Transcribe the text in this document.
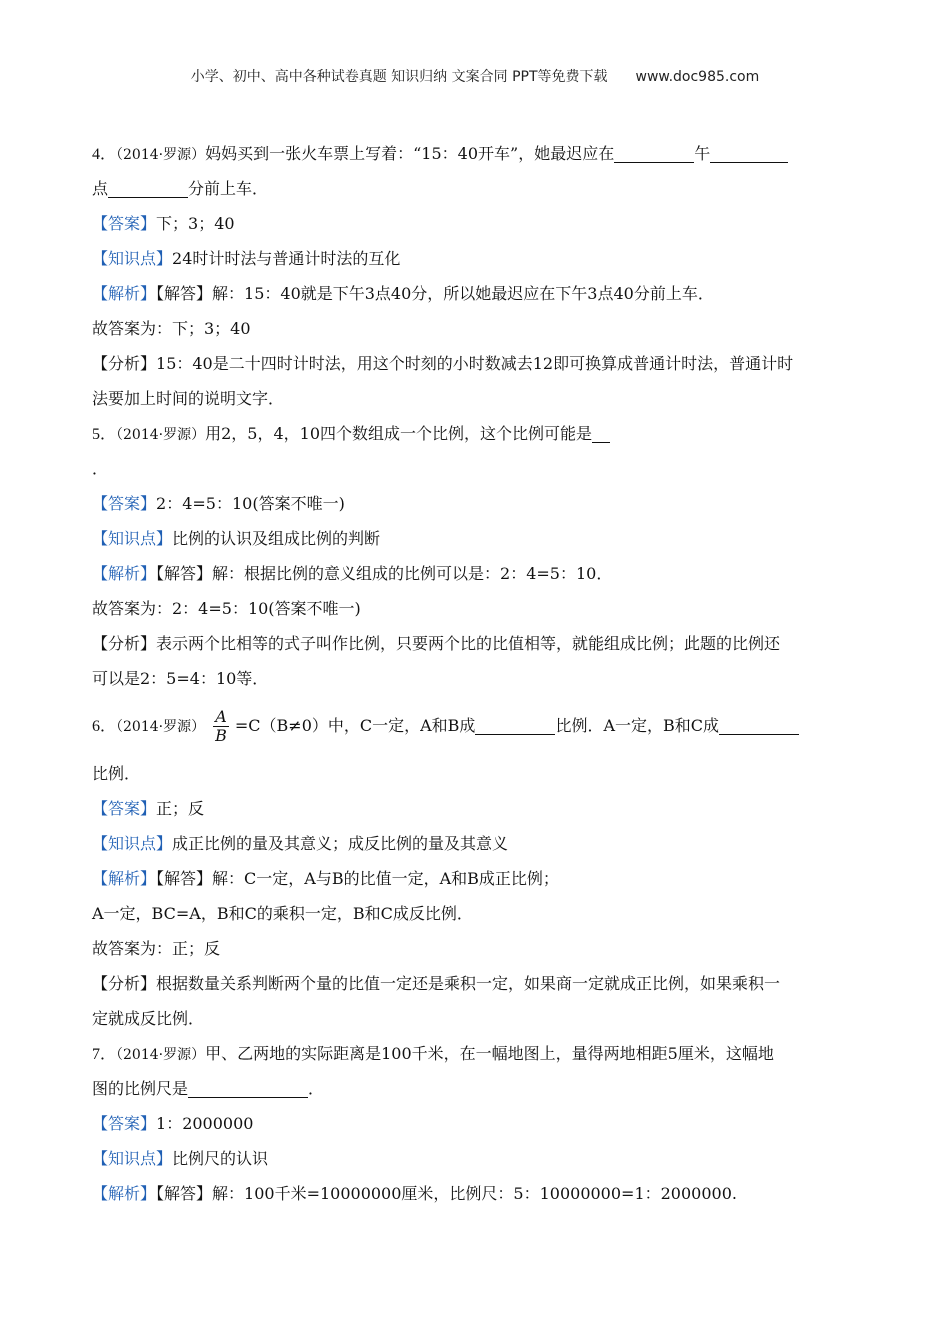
小学、初中、高中各种试卷真题 知识归纳 文案合同 PPT等免费下载 www.doc985.com
4．（2014·罗源）妈妈买到一张火车票上写着：“15：40开车”，她最迟应在	午
点	分前上车．
【答案】下；3；40
【知识点】24时计时法与普通计时法的互化
【解析】【解答】解：15：40就是下午3点40分，所以她最迟应在下午3点40分前上车．
故答案为：下；3；40
【分析】15：40是二十四时计时法，用这个时刻的小时数减去12即可换算成普通计时法，普通计时
法要加上时间的说明文字．
5．（2014·罗源）用2，5，4，10四个数组成一个比例，这个比例可能是
．
【答案】2：4=5：10(答案不唯一)
【知识点】比例的认识及组成比例的判断
【解析】【解答】解：根据比例的意义组成的比例可以是：2：4=5：10．
故答案为：2：4=5：10(答案不唯一)
【分析】表示两个比相等的式子叫作比例，只要两个比的比值相等，就能组成比例；此题的比例还
可以是2：5=4：10等．
6．（2014·罗源） $\frac{A}{B} =C(B\ne 0)$中，C一定，A和B成	比例．A一定，B和C成
比例．
【答案】正；反
【知识点】成正比例的量及其意义；成反比例的量及其意义
【解析】【解答】解：C一定，A与B的比值一定，A和B成正比例；
A一定，BC=A，B和C的乘积一定，B和C成反比例．
故答案为：正；反
【分析】根据数量关系判断两个量的比值一定还是乘积一定，如果商一定就成正比例，如果乘积一
定就成反比例．
7．（2014·罗源）甲、乙两地的实际距离是100千米，在一幅地图上，量得两地相距5厘米，这幅地
图的比例尺是	．
【答案】1：2000000
【知识点】比例尺的认识
【解析】【解答】解：100千米=10000000厘米，比例尺：5：10000000=1：2000000.
